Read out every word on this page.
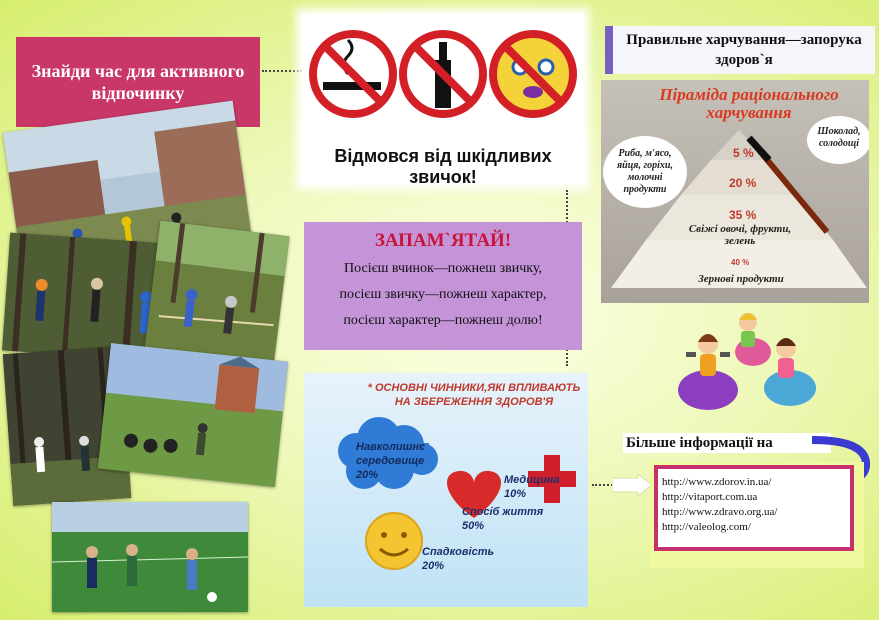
Знайди час для активного відпочинку
Відмовся від шкідливих звичок!
ЗАПАМ`ЯТАЙ!
Посієш вчинок—пожнеш звичку,
посієш звичку—пожнеш характер,
посієш характер—пожнеш долю!
* ОСНОВНІ ЧИННИКИ,ЯКІ ВПЛИВАЮТЬ НА ЗБЕРЕЖЕННЯ ЗДОРОВ'Я
Навколишнє середовище
20%	Медицина
10%
Спосіб життя
50%
Спадковість
20%
Правильне харчування—запорука здоров`я
Піраміда раціонального
харчування
Риба, м'ясо, яйця, горіхи, молочні продукти
Шоколад, солодощі
5 %
20 %
35 %
Свіжі овочі, фрукти, зелень
40 %
Зернові продукти
Більше інформації на
http://www.zdorov.in.ua/
http://vitaport.com.ua
http://www.zdravo.org.ua/
http://valeolog.com/
